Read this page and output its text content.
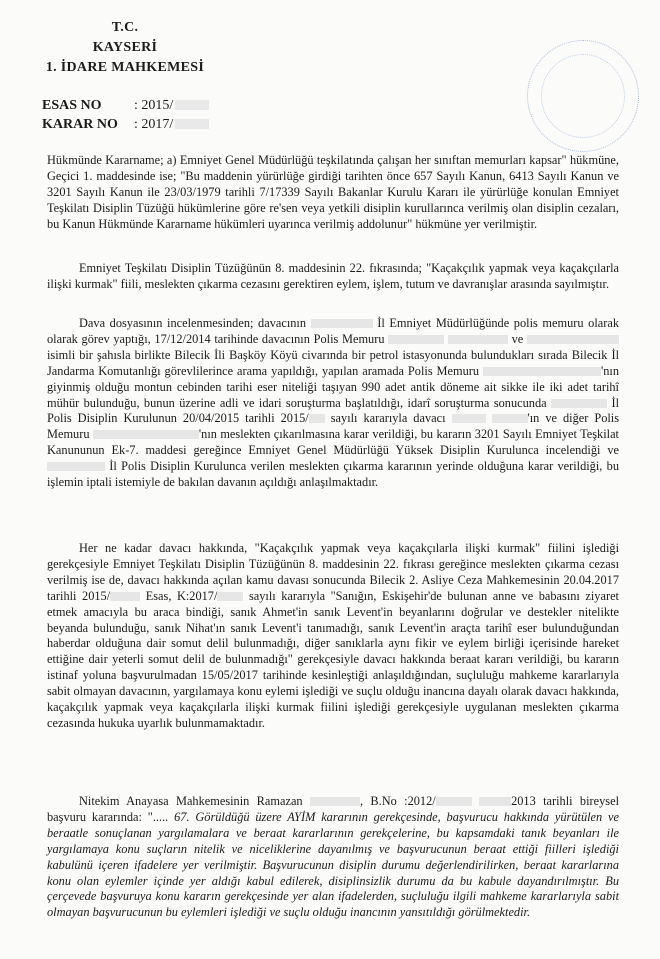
T.C.
KAYSERİ
1. İDARE MAHKEMESİ
ESAS NO : 2015/
KARAR NO : 2017/

Hükmünde Kararname; a) Emniyet Genel Müdürlüğü teşkilatında çalışan her sınıftan memurları kapsar" hükmüne, Geçici 1. maddesinde ise; "Bu maddenin yürürlüğe girdiği tarihten önce 657 Sayılı Kanun, 6413 Sayılı Kanun ve 3201 Sayılı Kanun ile 23/03/1979 tarihli 7/17339 Sayılı Bakanlar Kurulu Kararı ile yürürlüğe konulan Emniyet Teşkilatı Disiplin Tüzüğü hükümlerine göre re'sen veya yetkili disiplin kurullarınca verilmiş olan disiplin cezaları, bu Kanun Hükmünde Kararname hükümleri uyarınca verilmiş addolunur" hükmüne yer verilmiştir.

Emniyet Teşkilatı Disiplin Tüzüğünün 8. maddesinin 22. fıkrasında; "Kaçakçılık yapmak veya kaçakçılarla ilişki kurmak" fiili, meslekten çıkarma cezasını gerektiren eylem, işlem, tutum ve davranışlar arasında sayılmıştır.

Dava dosyasının incelenmesinden; davacının	İl Emniyet Müdürlüğünde polis memuru olarak olarak görev yaptığı, 17/12/2014 tarihinde davacının Polis Memuru	ve  isimli bir şahısla birlikte Bilecik İli Başköy Köyü civarında bir petrol istasyonunda bulundukları sırada Bilecik İl Jandarma Komutanlığı görevlilerince arama yapıldığı, yapılan aramada Polis Memuru	'nın giyinmiş olduğu montun cebinden tarihi eser niteliği taşıyan 990 adet antik döneme ait sikke ile iki adet tarihî mühür bulunduğu, bunun üzerine adli ve idari soruşturma başlatıldığı, idarî soruşturma sonucunda	İl Polis Disiplin Kurulunun 20/04/2015 tarihli 2015/ sayılı kararıyla davacı	'ın ve diğer Polis Memuru	'nın meslekten çıkarılmasına karar verildiği, bu kararın 3201 Sayılı Emniyet Teşkilat Kanununun Ek-7. maddesi gereğince Emniyet Genel Müdürlüğü Yüksek Disiplin Kurulunca incelendiği ve  İl Polis Disiplin Kurulunca verilen meslekten çıkarma kararının yerinde olduğuna karar verildiği, bu işlemin iptali istemiyle de bakılan davanın açıldığı anlaşılmaktadır.

Her ne kadar davacı hakkında, "Kaçakçılık yapmak veya kaçakçılarla ilişki kurmak" fiilini işlediği gerekçesiyle Emniyet Teşkilatı Disiplin Tüzüğünün 8. maddesinin 22. fıkrası gereğince meslekten çıkarma cezası verilmiş ise de, davacı hakkında açılan kamu davası sonucunda Bilecik 2. Asliye Ceza Mahkemesinin 20.04.2017 tarihli 2015/	Esas, K:2017/	sayılı kararıyla "Sanığın, Eskişehir'de bulunan anne ve babasını ziyaret etmek amacıyla bu araca bindiği, sanık Ahmet'in sanık Levent'in beyanlarını doğrular ve destekler nitelikte beyanda bulunduğu, sanık Nihat'ın sanık Levent'i tanımadığı, sanık Levent'in araçta tarihî eser bulunduğundan haberdar olduğuna dair somut delil bulunmadığı, diğer sanıklarla aynı fikir ve eylem birliği içerisinde hareket ettiğine dair yeterli somut delil de bulunmadığı" gerekçesiyle davacı hakkında beraat kararı verildiği, bu kararın istinaf yoluna başvurulmadan 15/05/2017 tarihinde kesinleştiği anlaşıldığından, suçluluğu mahkeme kararlarıyla sabit olmayan davacının, yargılamaya konu eylemi işlediği ve suçlu olduğu inancına dayalı olarak davacı hakkında, kaçakçılık yapmak veya kaçakçılarla ilişki kurmak fiilini işlediği gerekçesiyle uygulanan meslekten çıkarma cezasında hukuka uyarlık bulunmamaktadır.

Nitekim Anayasa Mahkemesinin Ramazan	, B.No :2012/	2013 tarihli bireysel başvuru kararında: "..... 67. Görüldüğü üzere AYİM kararının gerekçesinde, başvurucu hakkında yürütülen ve beraatle sonuçlanan yargılamalara ve beraat kararlarının gerekçelerine, bu kapsamdaki tanık beyanları ile yargılamaya konu suçların nitelik ve niceliklerine dayanılmış ve başvurucunun beraat ettiği fiilleri işlediği kabulünü içeren ifadelere yer verilmiştir. Başvurucunun disiplin durumu değerlendirilirken, beraat kararlarına konu olan eylemler içinde yer aldığı kabul edilerek, disiplinsizlik durumu da bu kabule dayandırılmıştır. Bu çerçevede başvuruya konu kararın gerekçesinde yer alan ifadelerden, suçluluğu ilgili mahkeme kararlarıyla sabit olmayan başvurucunun bu eylemleri işlediği ve suçlu olduğu inancının yansıtıldığı görülmektedir.
